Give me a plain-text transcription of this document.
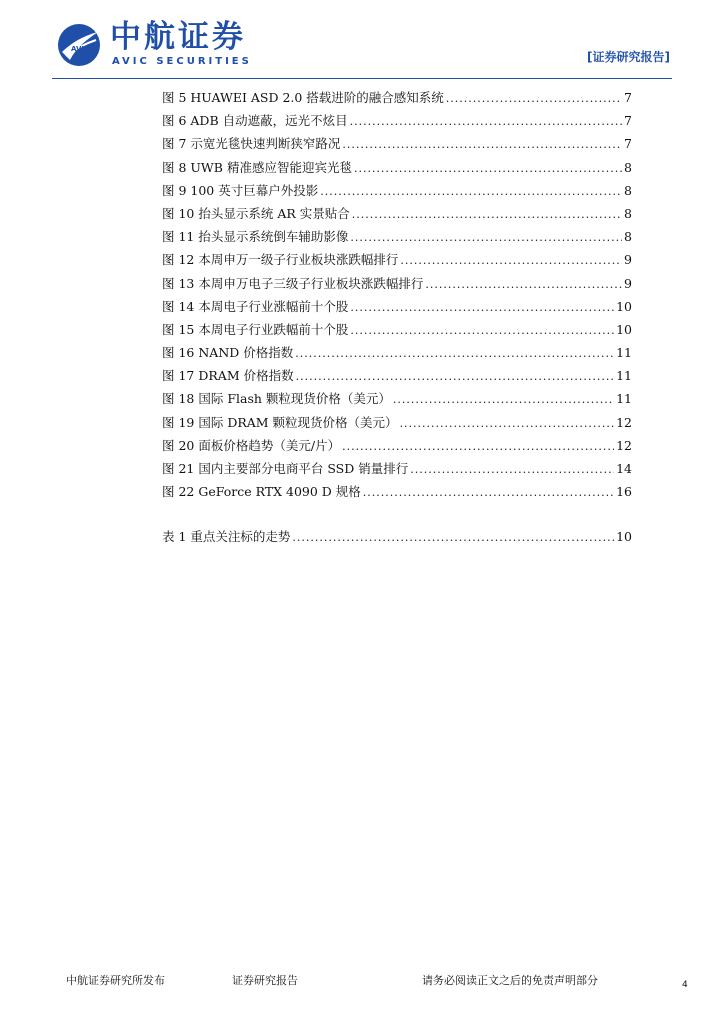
AVIC 中航证券
AVIC SECURITIES	[证券研究报告]
图 5 HUAWEI ASD 2.0 搭载进阶的融合感知系统 .....	7
图 6 ADB 自动遮蔽，远光不炫目 .....	7
图 7 示宽光毯快速判断狭窄路况 .....	7
图 8 UWB 精准感应智能迎宾光毯 .....	8
图 9 100 英寸巨幕户外投影 .....	8
图 10 抬头显示系统 AR 实景贴合 .....	8
图 11 抬头显示系统倒车辅助影像 .....	8
图 12 本周申万一级子行业板块涨跌幅排行 .....	9
图 13 本周申万电子三级子行业板块涨跌幅排行 .....	9
图 14 本周电子行业涨幅前十个股 .....	10
图 15 本周电子行业跌幅前十个股 .....	10
图 16 NAND 价格指数 .....	11
图 17 DRAM 价格指数 .....	11
图 18 国际 Flash 颗粒现货价格（美元） .....	11
图 19 国际 DRAM 颗粒现货价格（美元） .....	12
图 20 面板价格趋势（美元/片） .....	12
图 21 国内主要部分电商平台 SSD 销量排行 .....	14
图 22 GeForce RTX 4090 D 规格 .....	16
表 1 重点关注标的走势 .....	10
中航证券研究所发布	证券研究报告	请务必阅读正文之后的免责声明部分	4
